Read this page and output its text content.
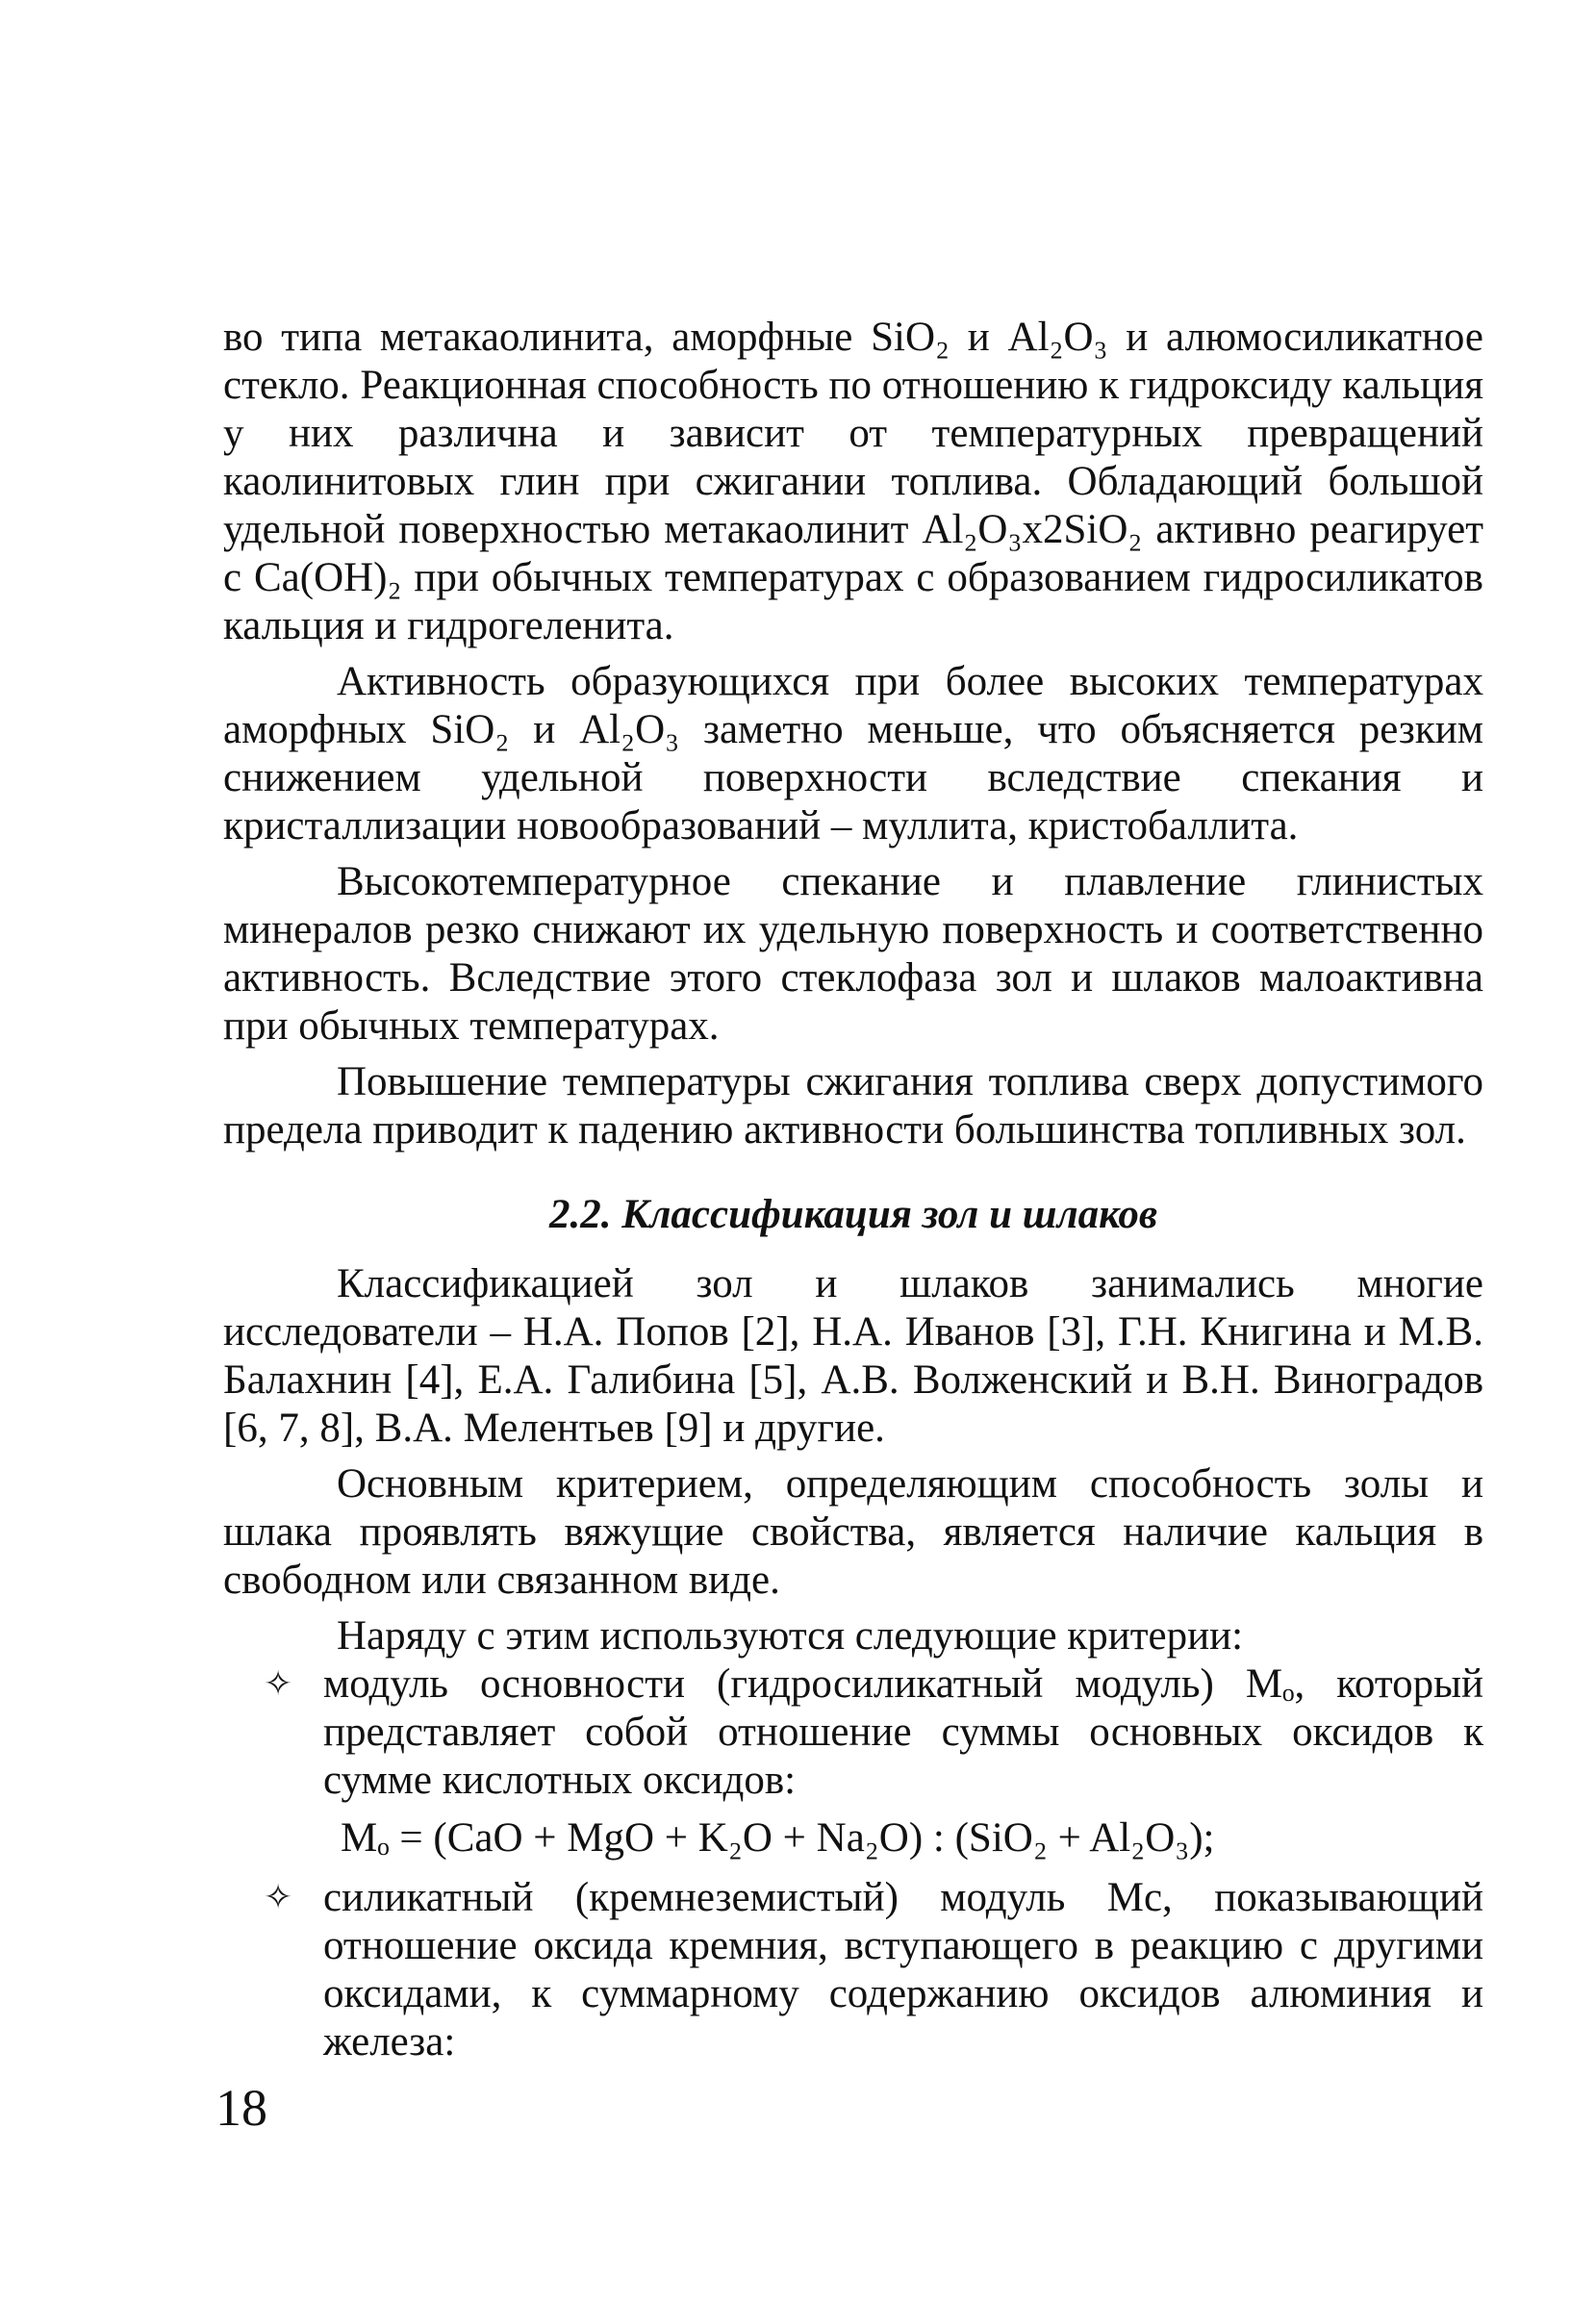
во типа метакаолинита, аморфные SiO₂ и Al₂O₃ и алюмосиликатное стекло. Реакционная способность по отношению к гидроксиду кальция у них различна и зависит от температурных превращений каолинитовых глин при сжигании топлива. Обладающий большой удельной поверхностью метакаолинит Al₂O₃x2SiO₂ активно реагирует с Ca(OH)₂ при обычных температурах с образованием гидросиликатов кальция и гидрогеленита.

Активность образующихся при более высоких температурах аморфных SiO₂ и Al₂O₃ заметно меньше, что объясняется резким снижением удельной поверхности вследствие спекания и кристаллизации новообразований – муллита, кристобаллита.

Высокотемпературное спекание и плавление глинистых минералов резко снижают их удельную поверхность и соответственно активность. Вследствие этого стеклофаза зол и шлаков малоактивна при обычных температурах.

Повышение температуры сжигания топлива сверх допустимого предела приводит к падению активности большинства топливных зол.

2.2. Классификация зол и шлаков

Классификацией зол и шлаков занимались многие исследователи – Н.А. Попов [2], Н.А. Иванов [3], Г.Н. Книгина и М.В. Балахнин [4], Е.А. Галибина [5], А.В. Волженский и В.Н. Виноградов [6, 7, 8], В.А. Мелентьев [9] и другие.

Основным критерием, определяющим способность золы и шлака проявлять вяжущие свойства, является наличие кальция в свободном или связанном виде.

Наряду с этим используются следующие критерии:

✧ модуль основности (гидросиликатный модуль) Mₒ, который представляет собой отношение суммы основных оксидов к сумме кислотных оксидов:
Mₒ = (CaO + MgO + K₂O + Na₂O) : (SiO₂ + Al₂O₃);
✧ силикатный (кремнеземистый) модуль Mс, показывающий отношение оксида кремния, вступающего в реакцию с другими оксидами, к суммарному содержанию оксидов алюминия и железа:
18
